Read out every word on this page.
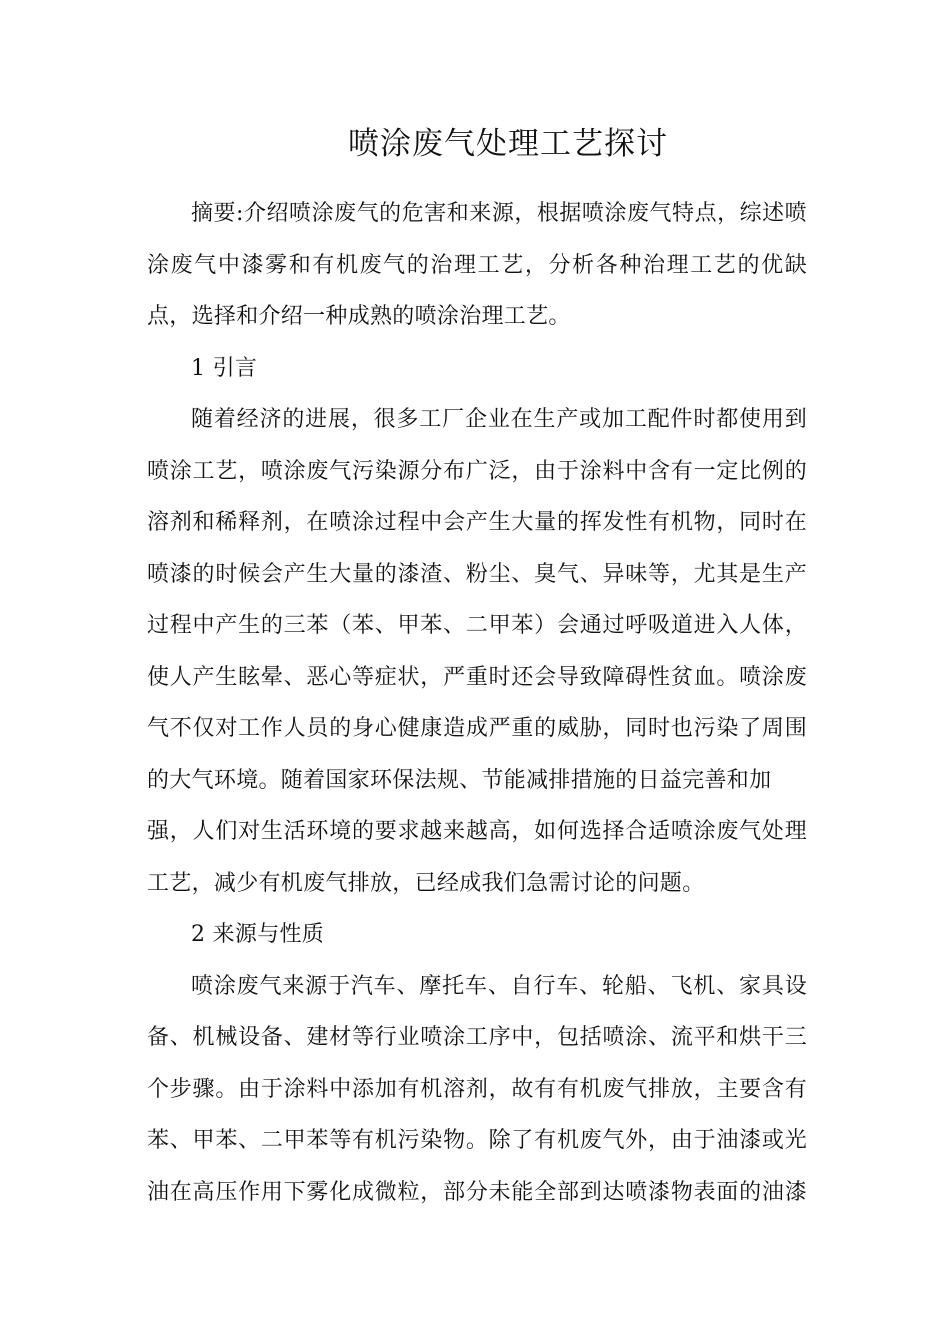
喷涂废气处理工艺探讨

摘要:介绍喷涂废气的危害和来源，根据喷涂废气特点，综述喷

涂废气中漆雾和有机废气的治理工艺，分析各种治理工艺的优缺

点，选择和介绍一种成熟的喷涂治理工艺。

1 引言

随着经济的进展，很多工厂企业在生产或加工配件时都使用到

喷涂工艺，喷涂废气污染源分布广泛，由于涂料中含有一定比例的

溶剂和稀释剂，在喷涂过程中会产生大量的挥发性有机物，同时在

喷漆的时候会产生大量的漆渣、粉尘、臭气、异味等，尤其是生产

过程中产生的三苯（苯、甲苯、二甲苯）会通过呼吸道进入人体，

使人产生眩晕、恶心等症状，严重时还会导致障碍性贫血。喷涂废

气不仅对工作人员的身心健康造成严重的威胁，同时也污染了周围

的大气环境。随着国家环保法规、节能减排措施的日益完善和加

强，人们对生活环境的要求越来越高，如何选择合适喷涂废气处理

工艺，减少有机废气排放，已经成我们急需讨论的问题。

2 来源与性质

喷涂废气来源于汽车、摩托车、自行车、轮船、飞机、家具设

备、机械设备、建材等行业喷涂工序中，包括喷涂、流平和烘干三

个步骤。由于涂料中添加有机溶剂，故有有机废气排放，主要含有

苯、甲苯、二甲苯等有机污染物。除了有机废气外，由于油漆或光

油在高压作用下雾化成微粒，部分未能全部到达喷漆物表面的油漆
